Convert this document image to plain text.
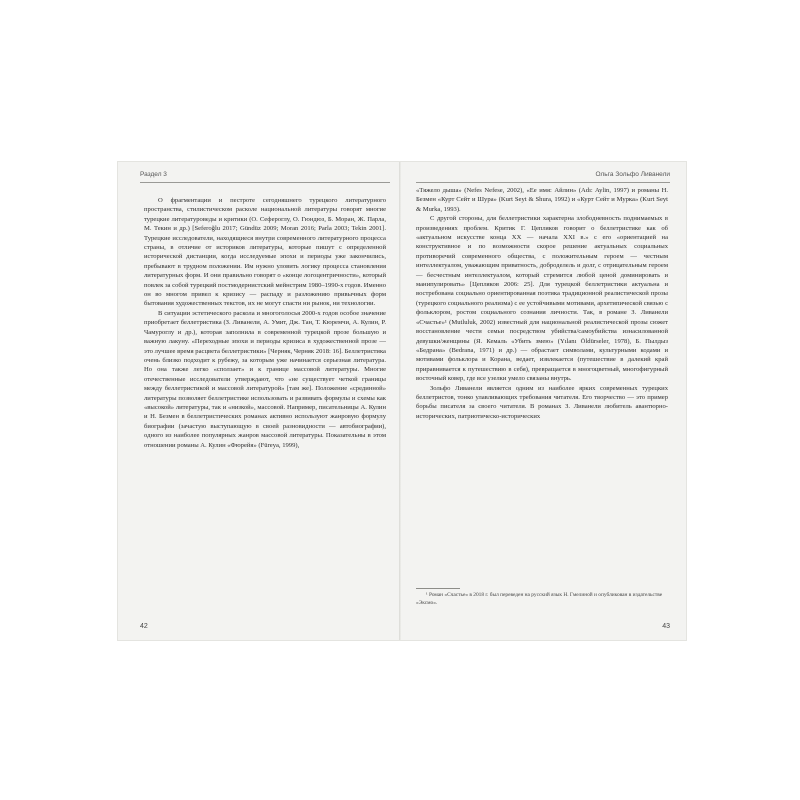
Раздел 3

О фрагментации и пестроте сегодняшнего турецкого литературного пространства, стилистическом расколе национальной литературы говорят многие турецкие литературоведы и критики (О. Сефероглу, О. Гюндюз, Б. Моран, Ж. Парла, М. Текин и др.) [Seferoğlu 2017; Gündüz 2009; Moran 2016; Parla 2003; Tekin 2001]. Турецкие исследователи, находящиеся внутри современного литературного процесса страны, в отличие от историков литературы, которые пишут с определенной исторической дистанции, когда исследуемые эпохи и периоды уже закончились, пребывают в трудном положении. Им нужно уловить логику процесса становления литературных форм. И они правильно говорят о «конце логоцентричности», который повлек за собой турецкий постмодернистский мейнстрим 1980–1990-х годов. Именно он во многом привел к кризису — распаду и разложению привычных форм бытования художественных текстов, их не могут спасти ни рынок, ни технологии.

В ситуации эстетического раскола и многоголосья 2000-х годов особое значение приобретает беллетристика (З. Ливанели, А. Умит, Дж. Тан, Т. Кюремчи, А. Кулин, Р. Чамуроглу и др.), которая заполнила в современной турецкой прозе большую и важную лакуну. «Переходные эпохи и периоды кризиса в художественной прозе — это лучшее время расцвета беллетристики» [Черняк, Черняк 2018: 16]. Беллетристика очень близко подходит к рубежу, за которым уже начинается серьезная литература. Но она также легко «сползает» и к границе массовой литературы. Многие отечественные исследователи утверждают, что «не существует четкой границы между беллетристикой и массовой литературой» [там же]. Положение «срединной» литературы позволяет беллетристике использовать и развивать формулы и схемы как «высокой» литературы, так и «низкой», массовой. Например, писательницы А. Кулин и Н. Безмен в беллетристических романах активно используют жанровую формулу биографии (зачастую выступающую в своей разновидности — автобиографии), одного из наиболее популярных жанров массовой литературы. Показательны в этом отношении романы А. Кулин «Фюрейя» (Füreya, 1999),

42
Ольга Зольфо Ливанели

«Тяжело дыша» (Nefes Nefese, 2002), «Ее имя: Айлин» (Adı: Aylin, 1997) и романы Н. Безмен «Курт Сейт и Шура» (Kurt Seyt & Shura, 1992) и «Курт Сейт и Мурка» (Kurt Seyt & Murka, 1993).

С другой стороны, для беллетристики характерна злободневность поднимаемых в произведениях проблем. Критик Г. Цепляков говорит о беллетристике как об «актуальном искусстве конца XX — начала XXI в.» с его «ориентацией на конструктивное и по возможности скорое решение актуальных социальных противоречий современного общества, с положительным героем — честным интеллектуалом, уважающим приватность, доброделель и долг, с отрицательным героем — бесчестным интеллектуалом, который стремится любой ценой доминировать и манипулировать» [Цепляков 2006: 25]. Для турецкой беллетристики актуальна и востребована социально ориентированная поэтика традиционной реалистической прозы (турецкого социального реализма) с ее устойчивыми мотивами, архетипической связью с фольклором, ростом социального сознания личности. Так, в романе З. Ливанели «Счастье»¹ (Mutluluk, 2002) известный для национальной реалистической прозы сюжет восстановление чести семьи посредством убийства/самоубийства изнасилованной девушки/женщины (Я. Кемаль «Убить змею» (Yılanı Öldürseler, 1978), Б. Пылдыз «Бедрана» (Bedrana, 1971) и др.) — обрастает символами, культурными кодами и мотивами фольклора и Корана, ведает, извлекается (путешествие в далекий край приравнивается к путешествию в себя), превращается в многоцветный, многофигурный восточный ковер, где все узелки умело связаны внутрь.

Зольфо Ливанели является одним из наиболее ярких современных турецких беллетристов, тонко улавливающих требования читателя. Его творчество — это пример борьбы писателя за своего читателя. В романах З. Ливанели любитель авантюрно-исторических, патриотическо-исторических

¹ Роман «Счастье» в 2018 г. был переведен на русский язык Н. Гмелиной и опубликован в издательстве «Эксмо».
43
